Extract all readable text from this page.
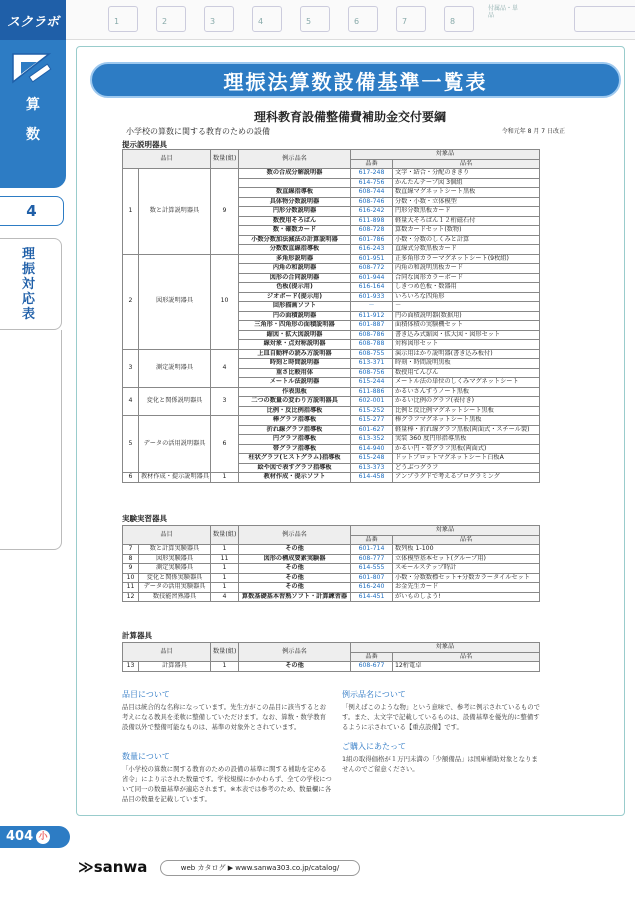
スクラボ
算
数
4
理
振
対
応
表
404 小
1	2	3	4	5	6	7	8
付属品・単品
理振法算数設備基準一覧表
理科教育設備整備費補助金交付要綱
小学校の算数に関する教育のための設備	令和元年 8 月 7 日改正
提示説明器具
品目		数量(組)	例示品名	対象品	
				品番	品名
1	数と計算説明器具	9	数の合成分解説明器	617-248	文字・結合・分配のききり
				614-756	かんたんテープ図 3個組
			数直線指導板	608-744	数直線マグネットシート黒板
			具体物分数説明器	608-746	分数・小数・立体模型
			円形分数説明器	616-242	円形分数黒板カード
			数授用そろばん	611-898	軽量大そろばん１２桁磁石付
			数・確数カード	608-728	算数カードセット(数物)
			小数分数加法減法の計算説明器	601-786	小数・分数のしくみと計算
			分数数直線指導板	616-243	直線式分数黒板カード
2	図形説明器具	10	多角形説明器	601-951	正多角形カラーマグネットシート(9枚組)
			内角の和説明器	608-772	内角の和説明黒板カード
			図形の合同説明器	601-944	合同な図形カラーボード
			色板(提示用)	616-164	しきつめ色板・数器用
			ジオボード(提示用)	601-933	いろいろな四角形
			回形描画ソフト	－	－
			円の面積説明器	611-912	円の面積説明器(数据用)
			三角形・四角形の面積説明器	601-887	面積体積の実験機セット
			縮図・拡大図説明器	608-786	書き込み式縮図・拡大図・図形セット
			線対象・点対称説明器	608-788	対称図形セット
3	測定説明器具	4	上皿自動秤の読み方説明器	608-755	演示用はかり説明器(書き込み板付)
			時刻と時間説明器	613-371	時刻・時間説明黒板
			重さ比較用体	608-756	数授用てんびん
			メートル法説明器	615-244	メートル法の単位のしくみマグネットシート
4	変化と関係説明器具	3	作表黒板	611-886	かるいさんすうノート黒板
			二つの数量の変わり方説明器具	602-001	かるい比例のグラフ(表付き)
			比例・反比例指導板	615-252	比例と反比例マグネットシート黒板
5	データの活用説明器具	6	棒グラフ指導板	615-277	棒グラフマグネットシート黒板
			折れ線グラフ指導板	601-627	軽量棒・折れ線グラフ黒板(両面式・スチール製)
			円グラフ指導板	613-352	実装 360 度円形指導黒板
			帯グラフ指導板	614-940	かるい円・帯グラフ黒板(両面式)
			柱状グラフ(ヒストグラム)指導板	615-248	ドットプロットマグネットシート白板A
			絵や図で表すグラフ指導板	613-373	どうぶつグラフ
6	教材作成・提示説明器具	1	教材作成・提示ソフト	614-458	アンプラグドで考えるプログラミング
実験実習器具
品目		数量(組)	例示品名	対象品	
				品番	品名
7	数と計算実験器具	1	その他	601-714	数列板 1-100
8	図形実験器具	11	図形の構成要素実験器	608-777	立体模型基本セット(グループ用)
9	測定実験器具	1	その他	614-555	スモールステップ時計
10	変化と関係実験器具	1	その他	601-807	小数・分数数標セット+分数カラータイルセット
11	データの活用実験器具	1	その他	616-240	お金先生カード
12	数技能習熟器具	4	算数基礎基本習熟ソフト・計算練習器	614-451	がいものしよう!
計算器具
品目		数量(組)	例示品名	対象品	
				品番	品名
13	計算器具	1	その他	608-677	12桁電卓
品目について

品目は統合的な名称になっています。先生方がこの品目に該当するとお考えになる教具を柔軟に整備していただけます。なお、算数・数学教育設備以外で整備可能なものは、基準の対象外とされています。

数量について

「小学校の算数に関する教育のための設備の基準に関する補助を定める省令」により示された数量です。学校規模にかかわらず、全ての学校について同一の数量基準が適応されます。※本表では参考のため、数量欄に各品目の数量を記載しています。

例示品名について

「例えばこのような物」という意味で、参考に例示されているものです。また、太文字で記載しているものは、設備基準を優先的に整備するように示されている【重点設備】です。

ご購入にあたって

1組の取得価格が１万円未満の「少額備品」は国庫補助対象となりませんのでご留意ください。

≫sanwa	web カタログ ▶ www.sanwa303.co.jp/catalog/
